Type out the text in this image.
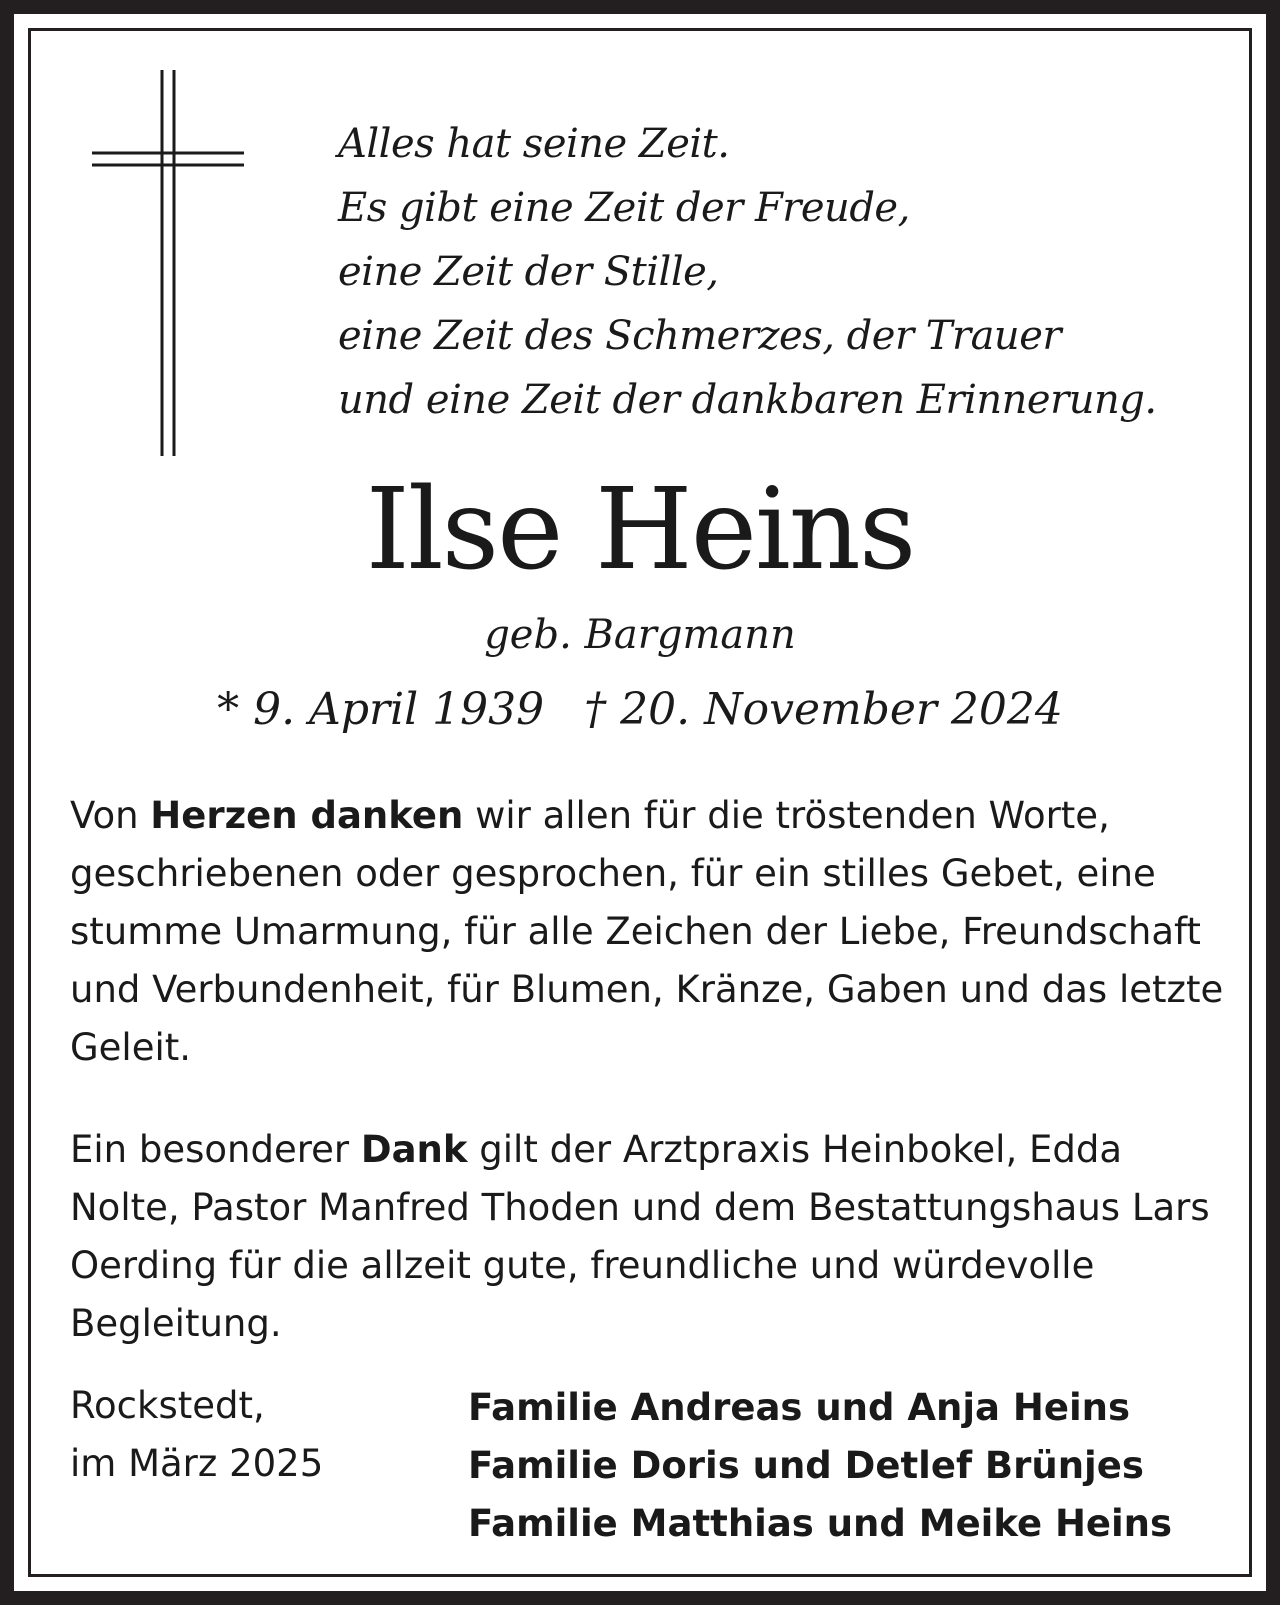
Alles hat seine Zeit.
Es gibt eine Zeit der Freude,
eine Zeit der Stille,
eine Zeit des Schmerzes, der Trauer
und eine Zeit der dankbaren Erinnerung.
Ilse Heins
geb. Bargmann
* 9. April 1939 † 20. November 2024

Von Herzen danken wir allen für die tröstenden Worte, geschriebenen oder gesprochen, für ein stilles Gebet, eine stumme Umarmung, für alle Zeichen der Liebe, Freundschaft und Verbundenheit, für Blumen, Kränze, Gaben und das letzte Geleit.

Ein besonderer Dank gilt der Arztpraxis Heinbokel, Edda Nolte, Pastor Manfred Thoden und dem Bestattungshaus Lars Oerding für die allzeit gute, freundliche und würdevolle Begleitung.

Rockstedt,
im März 2025
Familie Andreas und Anja Heins
Familie Doris und Detlef Brünjes
Familie Matthias und Meike Heins
